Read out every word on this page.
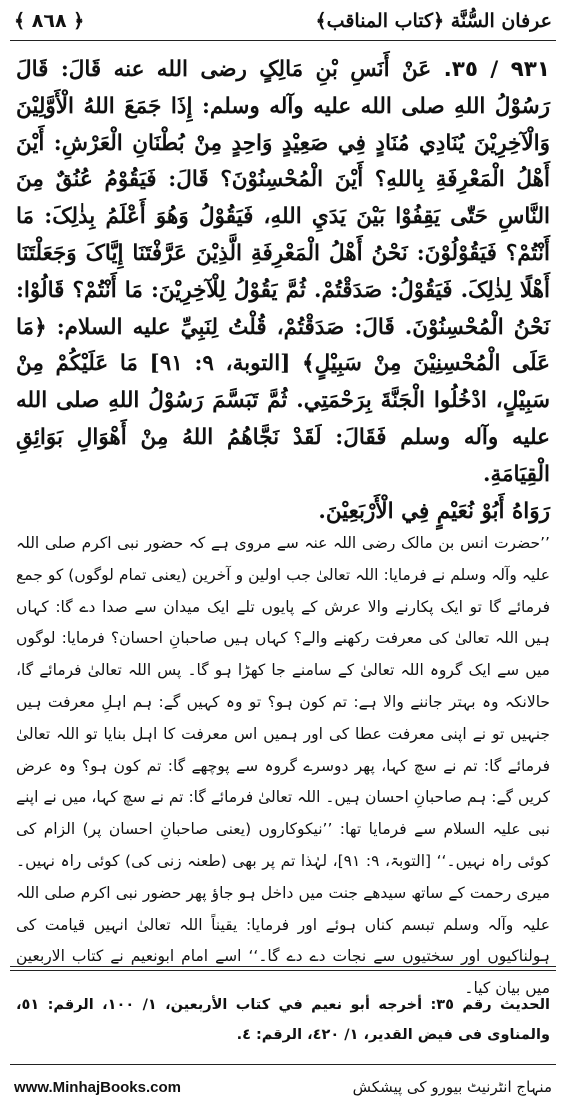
عرفان السُّنَّة ﴿کتاب المناقب﴾
﴾ ٨٦٨ ﴿
٩٣١ / ٣٥. عَنْ أَنَسِ بْنِ مَالِکٍ رضی الله عنه قَالَ: قَالَ رَسُوْلُ اللهِ صلی الله عليه وآله وسلم: إِذَا جَمَعَ اللهُ الْأَوَّلِيْنَ وَالْآخِرِيْنَ يُنَادِي مُنَادٍ فِي صَعِيْدٍ وَاحِدٍ مِنْ بُطْنَانِ الْعَرْشِ: أَيْنَ أَهْلُ الْمَعْرِفَةِ بِاللهِ؟ أَيْنَ الْمُحْسِنُوْنَ؟ قَالَ: فَيَقُوْمُ عُنُقٌ مِنَ النَّاسِ حَتّٰى يَقِفُوْا بَيْنَ يَدَيِ اللهِ، فَيَقُوْلُ وَهُوَ أَعْلَمُ بِذٰلِکَ: مَا أَنْتُمْ؟ فَيَقُوْلُوْنَ: نَحْنُ أَهْلُ الْمَعْرِفَةِ الَّذِيْنَ عَرَّفْتَنَا إِيَّاکَ وَجَعَلْتَنَا أَهْلًا لِذٰلِکَ. فَيَقُوْلُ: صَدَقْتُمْ. ثُمَّ يَقُوْلُ لِلْآخِرِيْنَ: مَا أَنْتُمْ؟ قَالُوْا: نَحْنُ الْمُحْسِنُوْنَ. قَالَ: صَدَقْتُمْ، قُلْتُ لِنَبِيِّ عليه السلام: ﴿مَا عَلَى الْمُحْسِنِيْنَ مِنْ سَبِيْلٍ﴾ [التوبة، ٩: ٩١] مَا عَلَيْکُمْ مِنْ سَبِيْلٍ، ادْخُلُوا الْجَنَّةَ بِرَحْمَتِي. ثُمَّ تَبَسَّمَ رَسُوْلُ اللهِ صلی الله عليه وآله وسلم فَقَالَ: لَقَدْ نَجَّاهُمُ اللهُ مِنْ أَهْوَالِ بَوَائِقِ الْقِيَامَةِ.
رَوَاهُ أَبُوْ نُعَيْمٍ فِي الْأَرْبَعِيْنَ.
’’حضرت انس بن مالک رضی اللہ عنہ سے مروی ہے کہ حضور نبی اکرم صلی اللہ علیہ وآلہ وسلم نے فرمایا: اللہ تعالیٰ جب اولین و آخرین (یعنی تمام لوگوں) کو جمع فرمائے گا تو ایک پکارنے والا عرش کے پایوں تلے ایک میدان سے صدا دے گا: کہاں ہیں اللہ تعالیٰ کی معرفت رکھنے والے؟ کہاں ہیں صاحبانِ احسان؟ فرمایا: لوگوں میں سے ایک گروہ اللہ تعالیٰ کے سامنے جا کھڑا ہو گا۔ پس اللہ تعالیٰ فرمائے گا، حالانکہ وہ بہتر جاننے والا ہے: تم کون ہو؟ تو وہ کہیں گے: ہم اہلِ معرفت ہیں جنہیں تو نے اپنی معرفت عطا کی اور ہمیں اس معرفت کا اہل بنایا تو اللہ تعالیٰ فرمائے گا: تم نے سچ کہا، پھر دوسرے گروہ سے پوچھے گا: تم کون ہو؟ وہ عرض کریں گے: ہم صاحبانِ احسان ہیں۔ اللہ تعالیٰ فرمائے گا: تم نے سچ کہا، میں نے اپنے نبی علیہ السلام سے فرمایا تھا: ’’نیکوکاروں (یعنی صاحبانِ احسان پر) الزام کی کوئی راہ نہیں۔‘‘ [التوبۃ، ۹: ۹۱]، لہٰذا تم پر بھی (طعنہ زنی کی) کوئی راہ نہیں۔ میری رحمت کے ساتھ سیدھے جنت میں داخل ہو جاؤ پھر حضور نبی اکرم صلی اللہ علیہ وآلہ وسلم تبسم کناں ہوئے اور فرمایا: یقیناً اللہ تعالیٰ انہیں قیامت کی ہولناکیوں اور سختیوں سے نجات دے دے گا۔‘‘ اسے امام ابونعیم نے کتاب الاربعین میں بیان کیا۔
الحديث رقم ٣٥: أخرجه أبو نعيم في كتاب الأربعين، ١/ ١٠٠، الرقم: ٥١، والمناوى فى فيض القدير، ١/ ٤٢٠، الرقم: ٤.
www.MinhajBooks.com	منہاج انٹرنیٹ بیورو کی پیشکش
